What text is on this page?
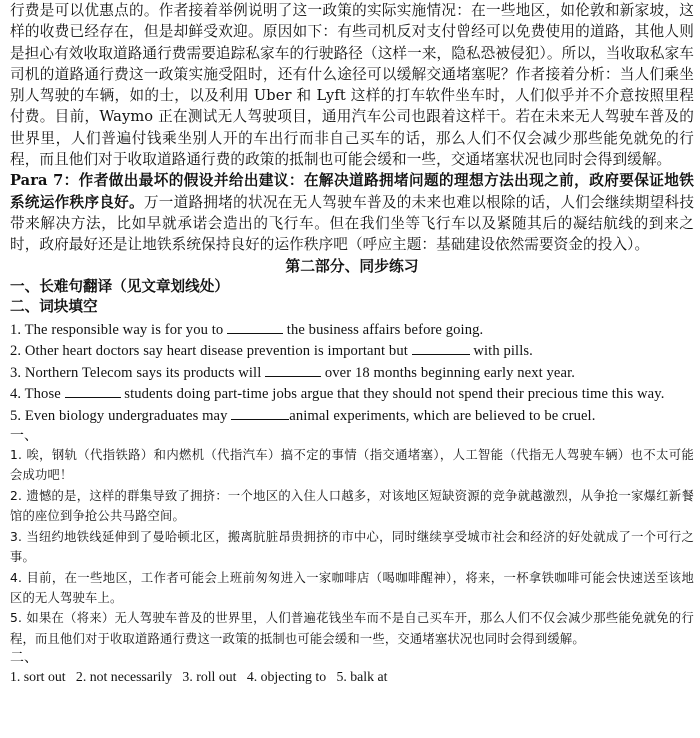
行费是可以优惠点的。作者接着举例说明了这一政策的实际实施情况：在一些地区，如伦敦和新家坡，这样的收费已经存在，但是却鲜受欢迎。原因如下：有些司机反对支付曾经可以免费使用的道路，其他人则是担心有效收取道路通行费需要追踪私家车的行驶路径（这样一来，隐私恐被侵犯）。所以，当收取私家车司机的道路通行费这一政策实施受阻时，还有什么途径可以缓解交通堵塞呢？作者接着分析：当人们乘坐别人驾驶的车辆，如的士，以及利用 Uber 和 Lyft 这样的打车软件坐车时，人们似乎并不介意按照里程付费。目前，Waymo 正在测试无人驾驶项目，通用汽车公司也跟着这样干。若在未来无人驾驶车普及的世界里，人们普遍付钱乘坐别人开的车出行而非自己买车的话，那么人们不仅会减少那些能免就免的行程，而且他们对于收取道路通行费的政策的抵制也可能会缓和一些，交通堵塞状况也同时会得到缓解。

Para 7：作者做出最坏的假设并给出建议：在解决道路拥堵问题的理想方法出现之前，政府要保证地铁系统运作秩序良好。万一道路拥堵的状况在无人驾驶车普及的未来也难以根除的话，人们会继续期望科技带来解决方法，比如早就承诺会造出的飞行车。但在我们坐等飞行车以及紧随其后的凝结航线的到来之时，政府最好还是让地铁系统保持良好的运作秩序吧（呼应主题：基础建设依然需要资金的投入）。

第二部分、同步练习
一、长难句翻译（见文章划线处）
二、词块填空

1. The responsible way is for you to	the business affairs before going.

2. Other heart doctors say heart disease prevention is important but	with pills.

3. Northern Telecom says its products will	over 18 months beginning early next year.

4. Those	students doing part-time jobs argue that they should not spend their precious time this way.

5. Even biology undergraduates may	animal experiments, which are believed to be cruel.

一、

1. 唉，钢轨（代指铁路）和内燃机（代指汽车）搞不定的事情（指交通堵塞），人工智能（代指无人驾驶车辆）也不太可能会成功吧！

2. 遗憾的是，这样的群集导致了拥挤：一个地区的入住人口越多，对该地区短缺资源的竞争就越激烈，从争抢一家爆红新餐馆的座位到争抢公共马路空间。

3. 当纽约地铁线延伸到了曼哈顿北区，搬离肮脏昂贵拥挤的市中心，同时继续享受城市社会和经济的好处就成了一个可行之事。

4. 目前，在一些地区，工作者可能会上班前匆匆进入一家咖啡店（喝咖啡醒神），将来，一杯拿铁咖啡可能会快速送至该地区的无人驾驶车上。

5. 如果在（将来）无人驾驶车普及的世界里，人们普遍花钱坐车而不是自己买车开，那么人们不仅会减少那些能免就免的行程，而且他们对于收取道路通行费这一政策的抵制也可能会缓和一些，交通堵塞状况也同时会得到缓解。

二、

1. sort out   2. not necessarily   3. roll out   4. objecting to   5. balk at
